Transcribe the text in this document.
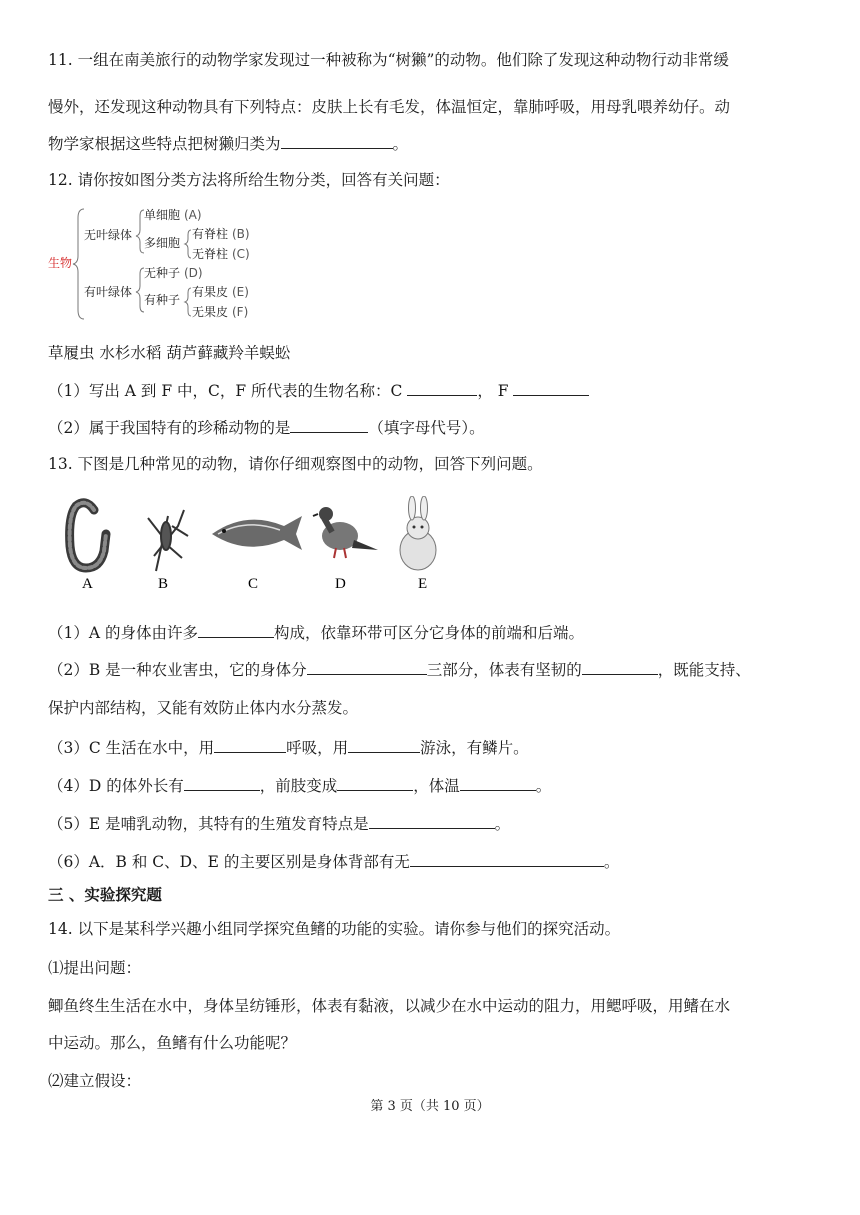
11. 一组在南美旅行的动物学家发现过一种被称为“树獭”的动物。他们除了发现这种动物行动非常缓
慢外，还发现这种动物具有下列特点：皮肤上长有毛发，体温恒定，靠肺呼吸，用母乳喂养幼仔。动
物学家根据这些特点把树獭归类为	。
12. 请你按如图分类方法将所给生物分类，回答有关问题：
生物
无叶绿体
单细胞 (A)
多细胞
有脊柱 (B)
无脊柱 (C)
有叶绿体
无种子 (D)
有种子
有果皮 (E)
无果皮 (F)
草履虫 水杉水稻 葫芦藓藏羚羊蜈蚣
（1）写出 A 到 F 中，C，F 所代表的生物名称：C	， F
（2）属于我国特有的珍稀动物的是	（填字母代号）。
13. 下图是几种常见的动物，请你仔细观察图中的动物，回答下列问题。
A	B	C	D	E
（1）A 的身体由许多	构成，依靠环带可区分它身体的前端和后端。
（2）B 是一种农业害虫，它的身体分	三部分，体表有坚韧的	，既能支持、
保护内部结构，又能有效防止体内水分蒸发。
（3）C 生活在水中，用	呼吸，用	游泳，有鳞片。
（4）D 的体外长有	，前肢变成	，体温	。
（5）E 是哺乳动物，其特有的生殖发育特点是	。
（6）A．B 和 C、D、E 的主要区别是身体背部有无	。
三 、实验探究题
14. 以下是某科学兴趣小组同学探究鱼鳍的功能的实验。请你参与他们的探究活动。
⑴提出问题：
鲫鱼终生生活在水中，身体呈纺锤形，体表有黏液，以减少在水中运动的阻力，用鳃呼吸，用鳍在水
中运动。那么，鱼鳍有什么功能呢？
⑵建立假设：
第 3 页（共 10 页）
